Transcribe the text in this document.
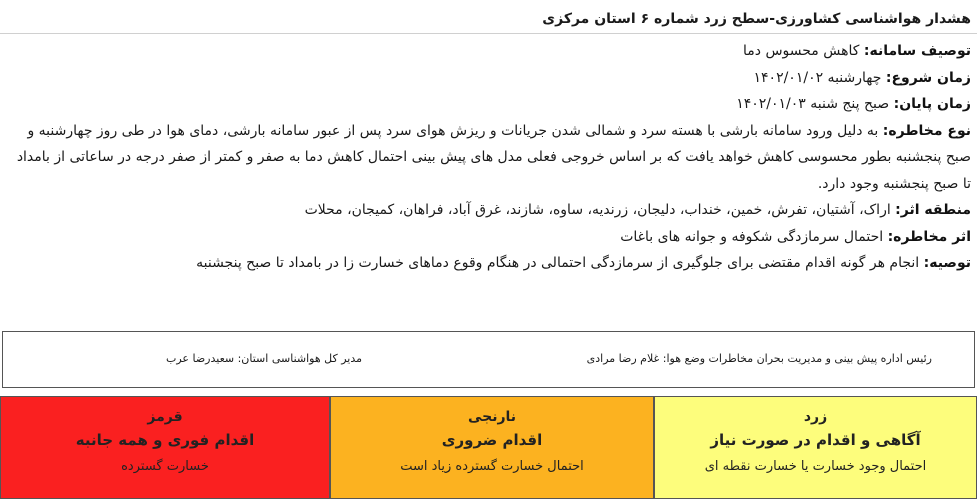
هشدار هواشناسی کشاورزی-سطح زرد شماره ۶ استان مرکزی

توصیف سامانه: کاهش محسوس دما

زمان شروع: چهارشنبه ۱۴۰۲/۰۱/۰۲

زمان پایان: صبح پنج شنبه ۱۴۰۲/۰۱/۰۳

نوع مخاطره: به دلیل ورود سامانه بارشی با هسته سرد و شمالی شدن جریانات و ریزش هوای سرد پس از عبور سامانه بارشی، دمای هوا در طی روز چهارشنبه و صبح پنجشنبه بطور محسوسی کاهش خواهد یافت که بر اساس خروجی فعلی مدل های پیش بینی احتمال کاهش دما به صفر و کمتر از صفر درجه در ساعاتی از بامداد تا صبح پنجشنبه وجود دارد.

منطقه اثر: اراک، آشتیان، تفرش، خمین، خنداب، دلیجان، زرندیه، ساوه، شازند، غرق آباد، فراهان، کمیجان، محلات

اثر مخاطره: احتمال سرمازدگی شکوفه و جوانه های باغات

توصیه: انجام هر گونه اقدام مقتضی برای جلوگیری از سرمازدگی احتمالی در هنگام وقوع دماهای خسارت زا در بامداد تا صبح پنجشنبه

رئیس اداره پیش بینی و مدیریت بحران مخاطرات وضع هوا: غلام رضا مرادی
مدیر کل هواشناسی استان: سعیدرضا عرب
زرد
آگاهی و اقدام در صورت نیاز
احتمال وجود خسارت یا خسارت نقطه ای
نارنجی
اقدام ضروری
احتمال خسارت گسترده زیاد است
قرمز
اقدام فوری و همه جانبه
خسارت گسترده
